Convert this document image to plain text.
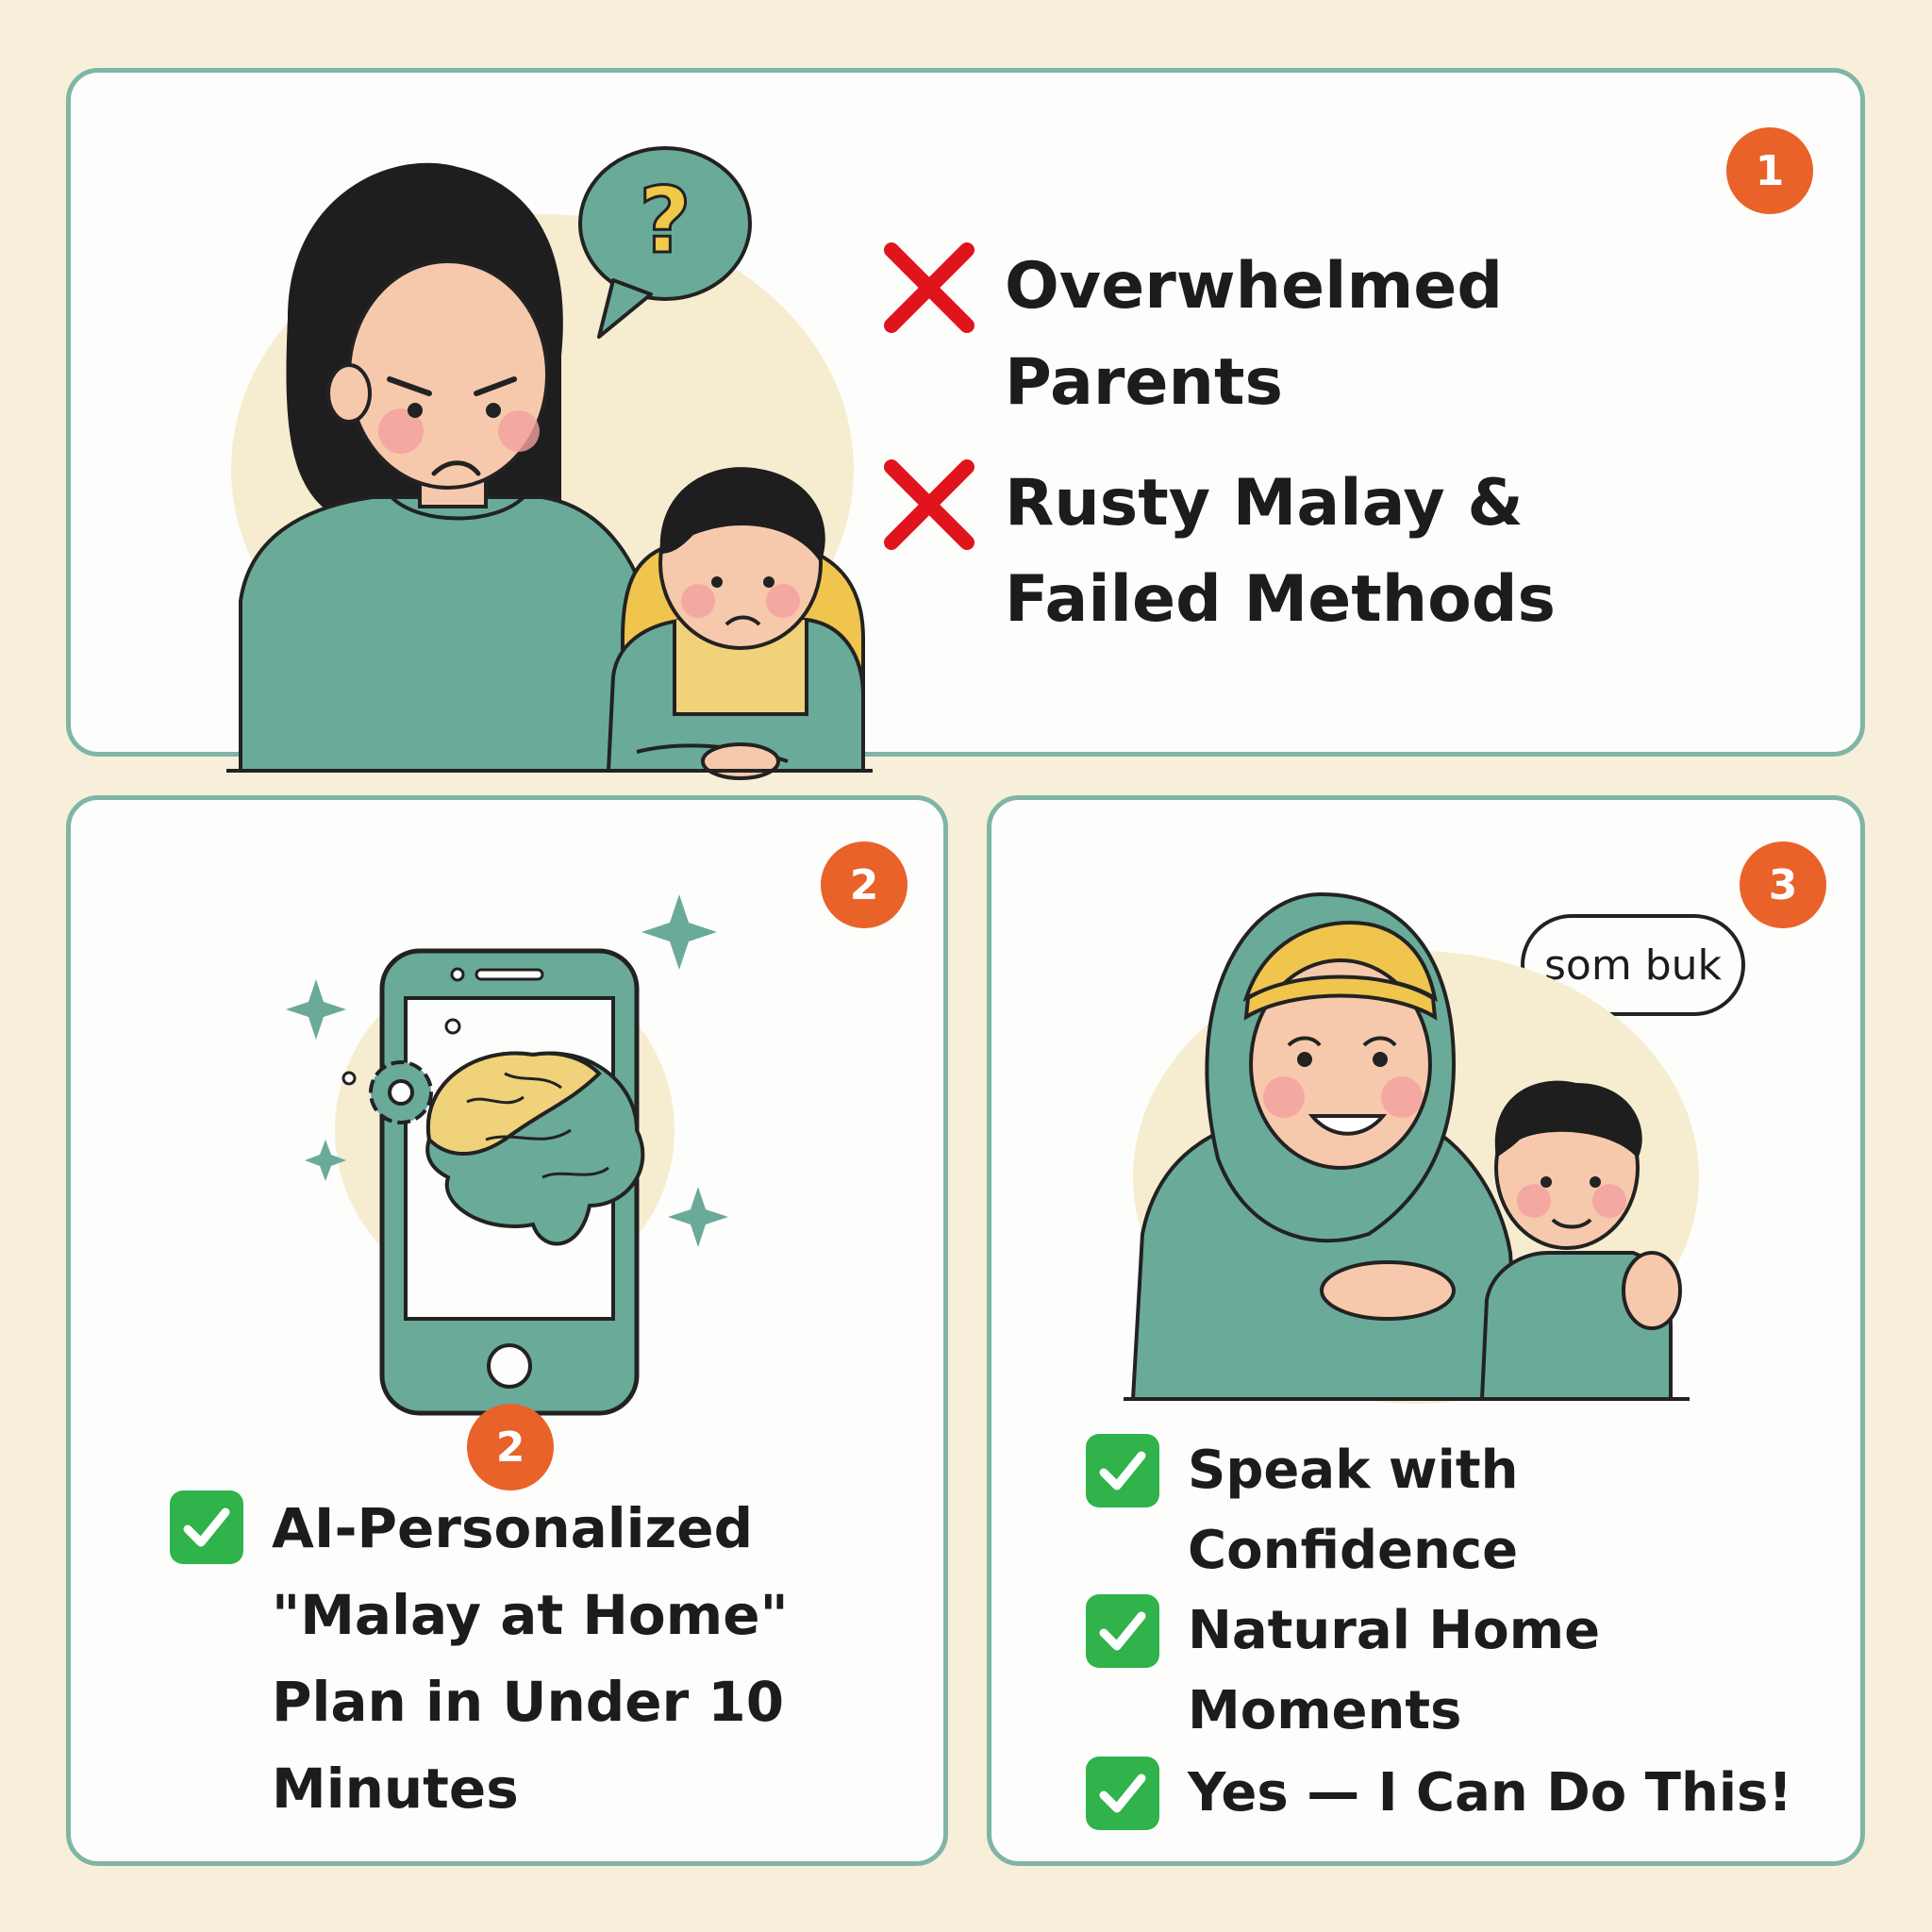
1
?
Overwhelmed
Parents
Rusty Malay &
Failed Methods
2
2
AI-Personalized
"Malay at Home"
Plan in Under 10
Minutes
3
som buk
Speak with
Confidence
Natural Home
Moments
Yes — I Can Do This!
